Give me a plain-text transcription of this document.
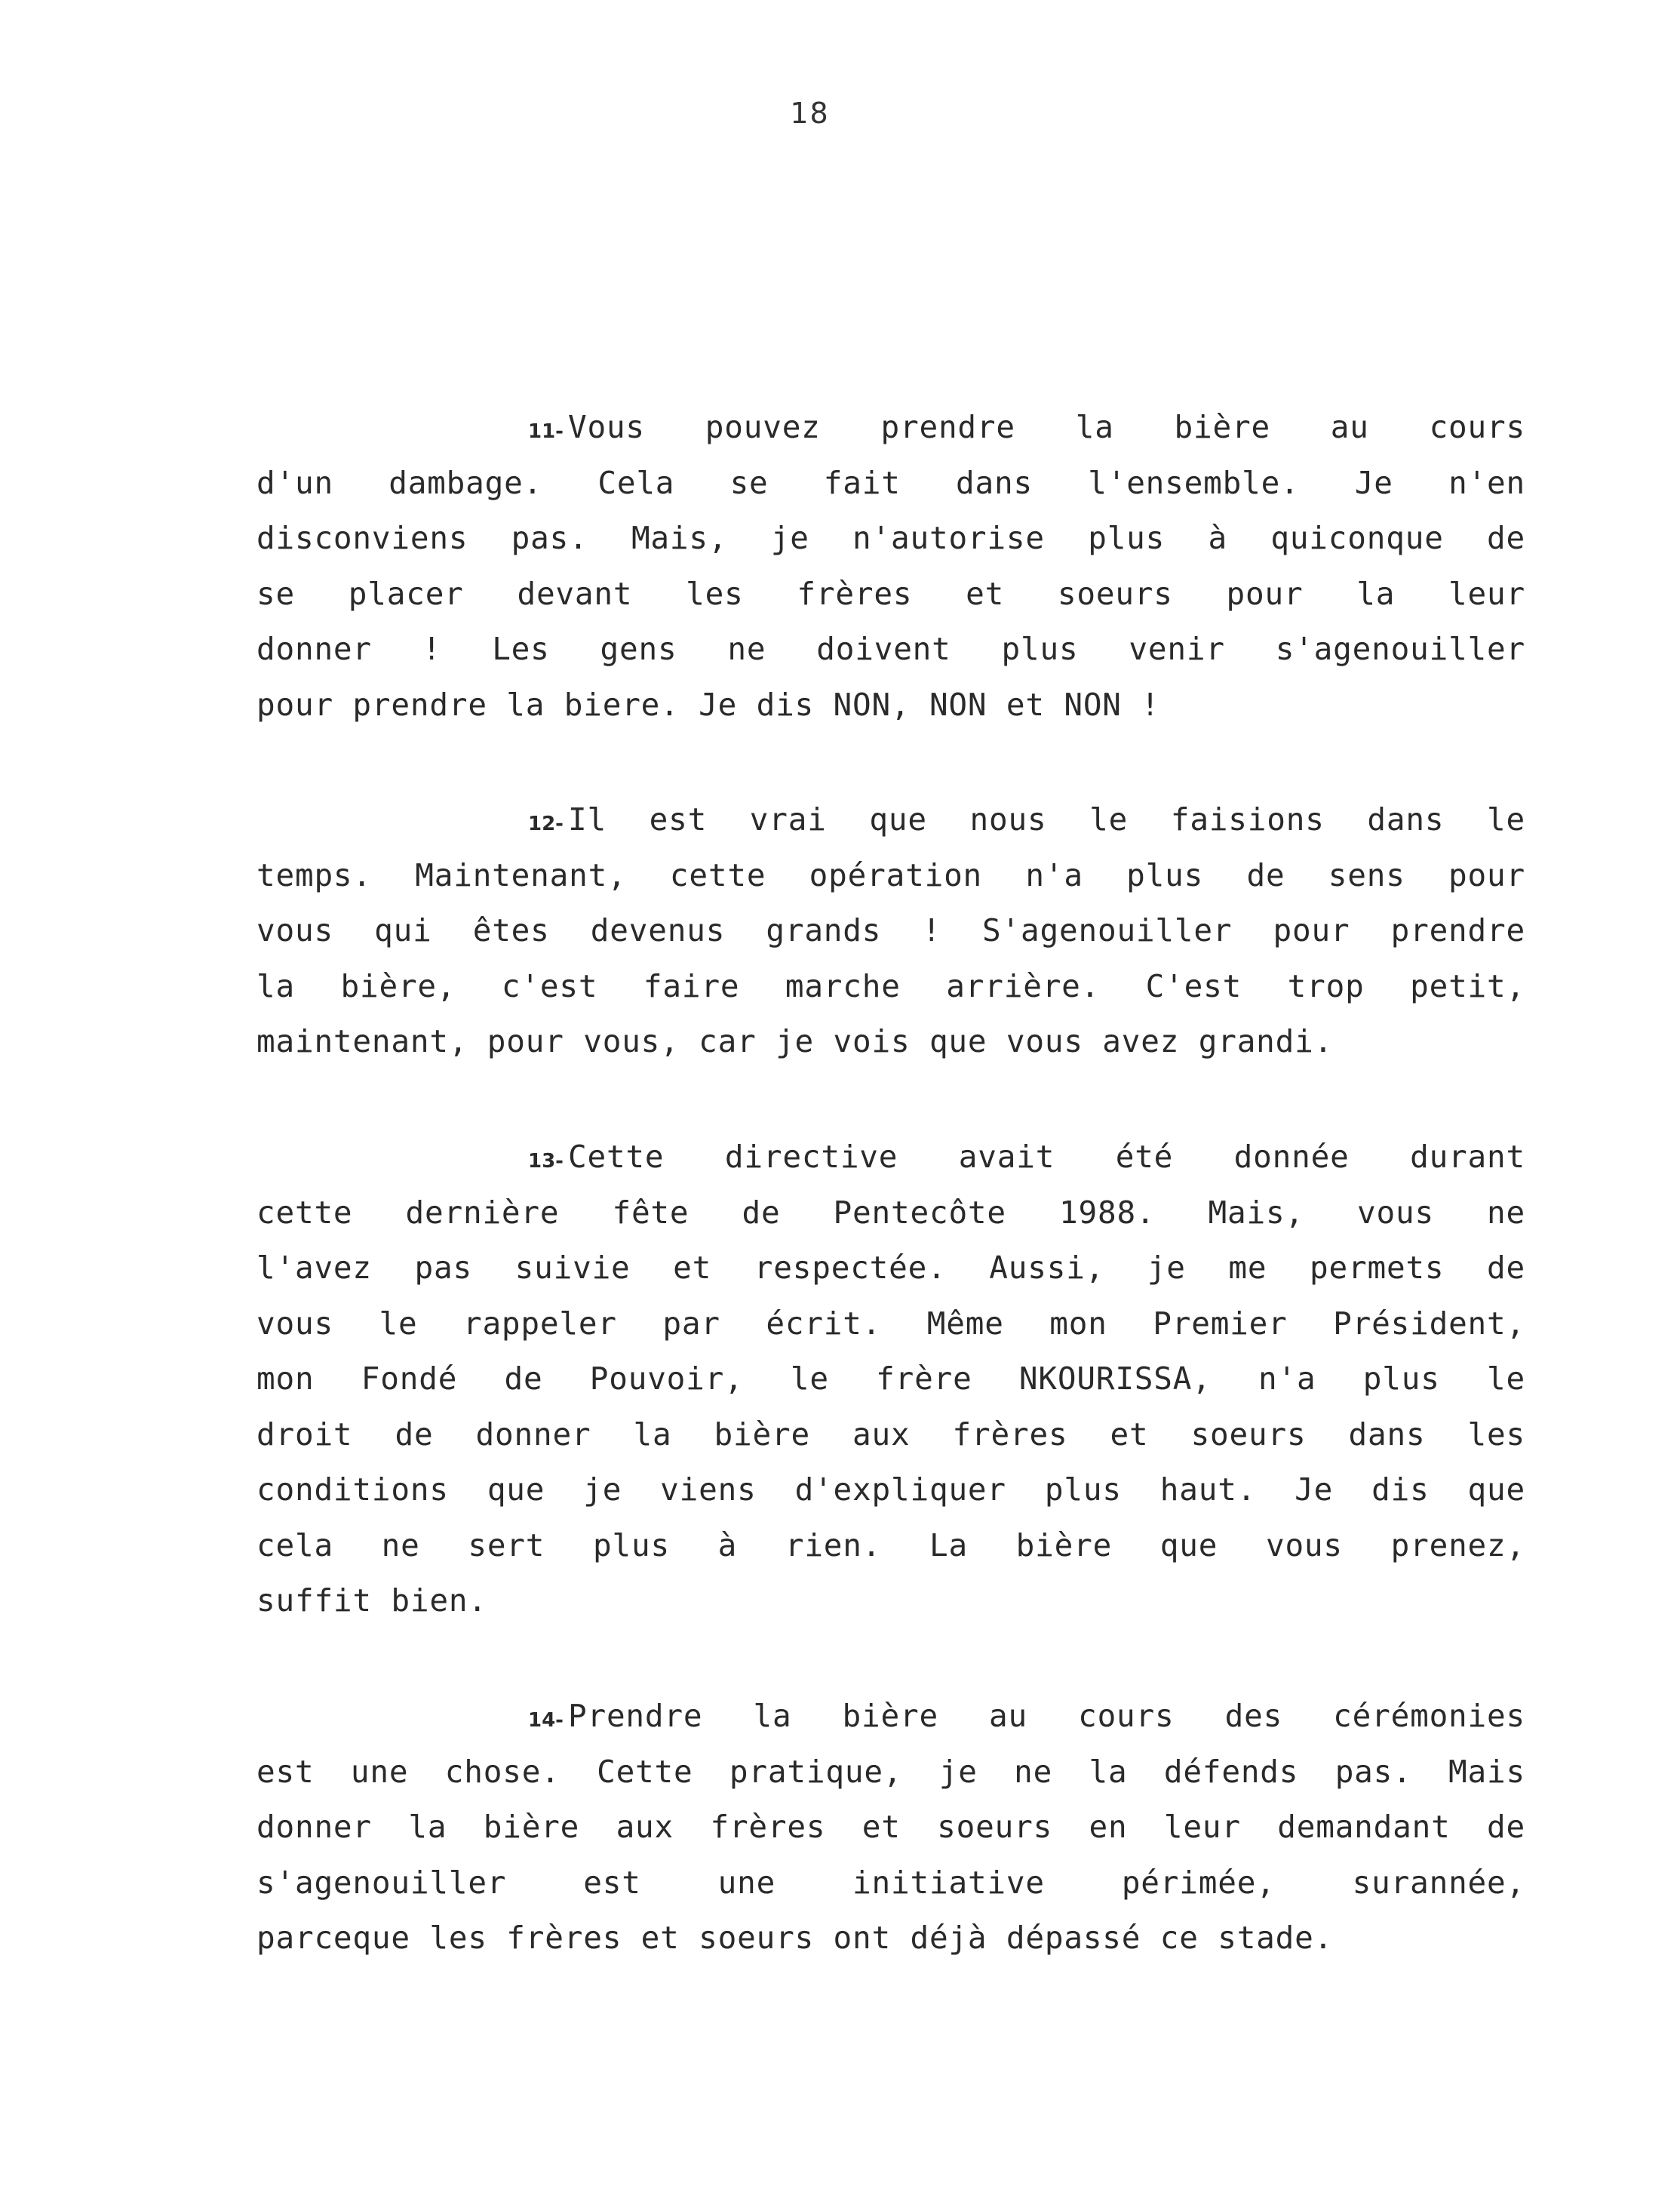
18
11- Vous pouvez prendre la bière au cours
d'un dambage. Cela se fait dans l'ensemble. Je n'en
disconviens pas. Mais, je n'autorise plus à quiconque de
se placer devant les frères et soeurs pour la leur
donner ! Les gens ne doivent plus venir s'agenouiller
pour prendre la biere. Je dis NON, NON et NON !
12- Il est vrai que nous le faisions dans le
temps. Maintenant, cette opération n'a plus de sens pour
vous qui êtes devenus grands ! S'agenouiller pour prendre
la bière, c'est faire marche arrière. C'est trop petit,
maintenant, pour vous, car je vois que vous avez grandi.
13- Cette directive avait été donnée durant
cette dernière fête de Pentecôte 1988. Mais, vous ne
l'avez pas suivie et respectée. Aussi, je me permets de
vous le rappeler par écrit. Même mon Premier Président,
mon Fondé de Pouvoir, le frère NKOURISSA, n'a plus le
droit de donner la bière aux frères et soeurs dans les
conditions que je viens d'expliquer plus haut. Je dis que
cela ne sert plus à rien. La bière que vous prenez,
suffit bien.
14- Prendre la bière au cours des cérémonies
est une chose. Cette pratique, je ne la défends pas. Mais
donner la bière aux frères et soeurs en leur demandant de
s'agenouiller est une initiative périmée, surannée,
parceque les frères et soeurs ont déjà dépassé ce stade.
